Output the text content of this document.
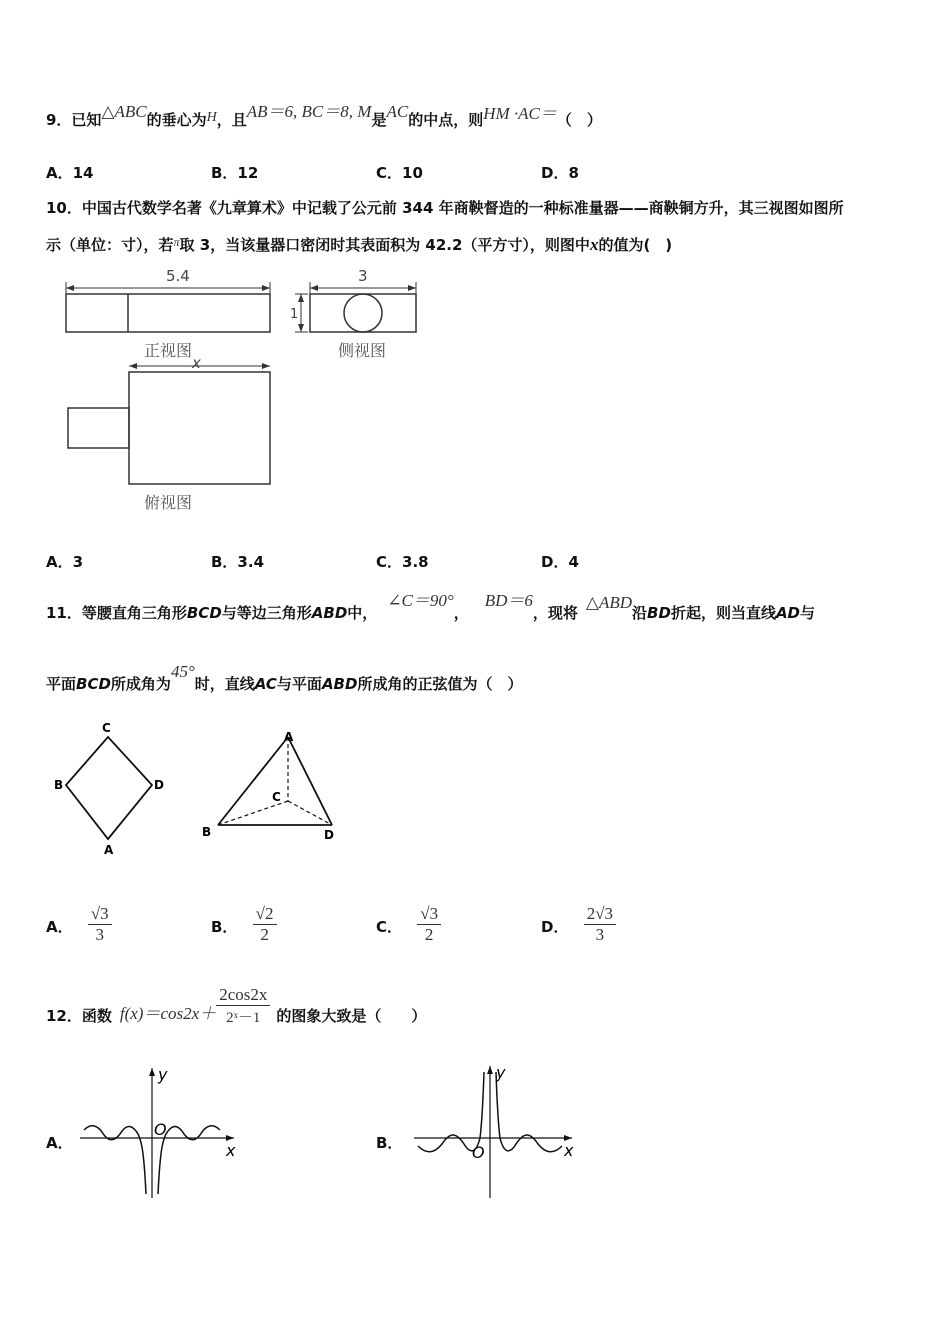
9．已知△ABC的垂心为H，且AB＝6, BC＝8, M是AC的中点，则HM ·AC＝（　）
A．14	B．12	C．10	D．8
10．中国古代数学名著《九章算术》中记载了公元前 344 年商鞅督造的一种标准量器——商鞅铜方升，其三视图如图所
示（单位：寸），若$^\pi$取 3，当该量器口密闭时其表面积为 42.2（平方寸），则图中x的值为(　)
5.4
正视图
3
1
侧视图
x
俯视图
A．3	B．3.4	C．3.8	D．4
11．等腰直角三角形BCD与等边三角形ABD中，∠C＝90°，BD＝6，现将△ABD沿BD折起，则当直线AD与
平面BCD所成角为45°时，直线AC与平面ABD所成角的正弦值为（　）
C
B	D
A
A
C
B	D
A． $\frac{√3}{3}$	B． $\frac{√2}{2}$	C． $\frac{√3}{2}$	D． $\frac{2√3}{3}$
12．函数 $f(x)=\cos 2x+ \frac{2\cos 2x}{\text{2ˣ－1}}$ 的图象大致是（　　）
A．
y
x
O
B．
y
x
O
